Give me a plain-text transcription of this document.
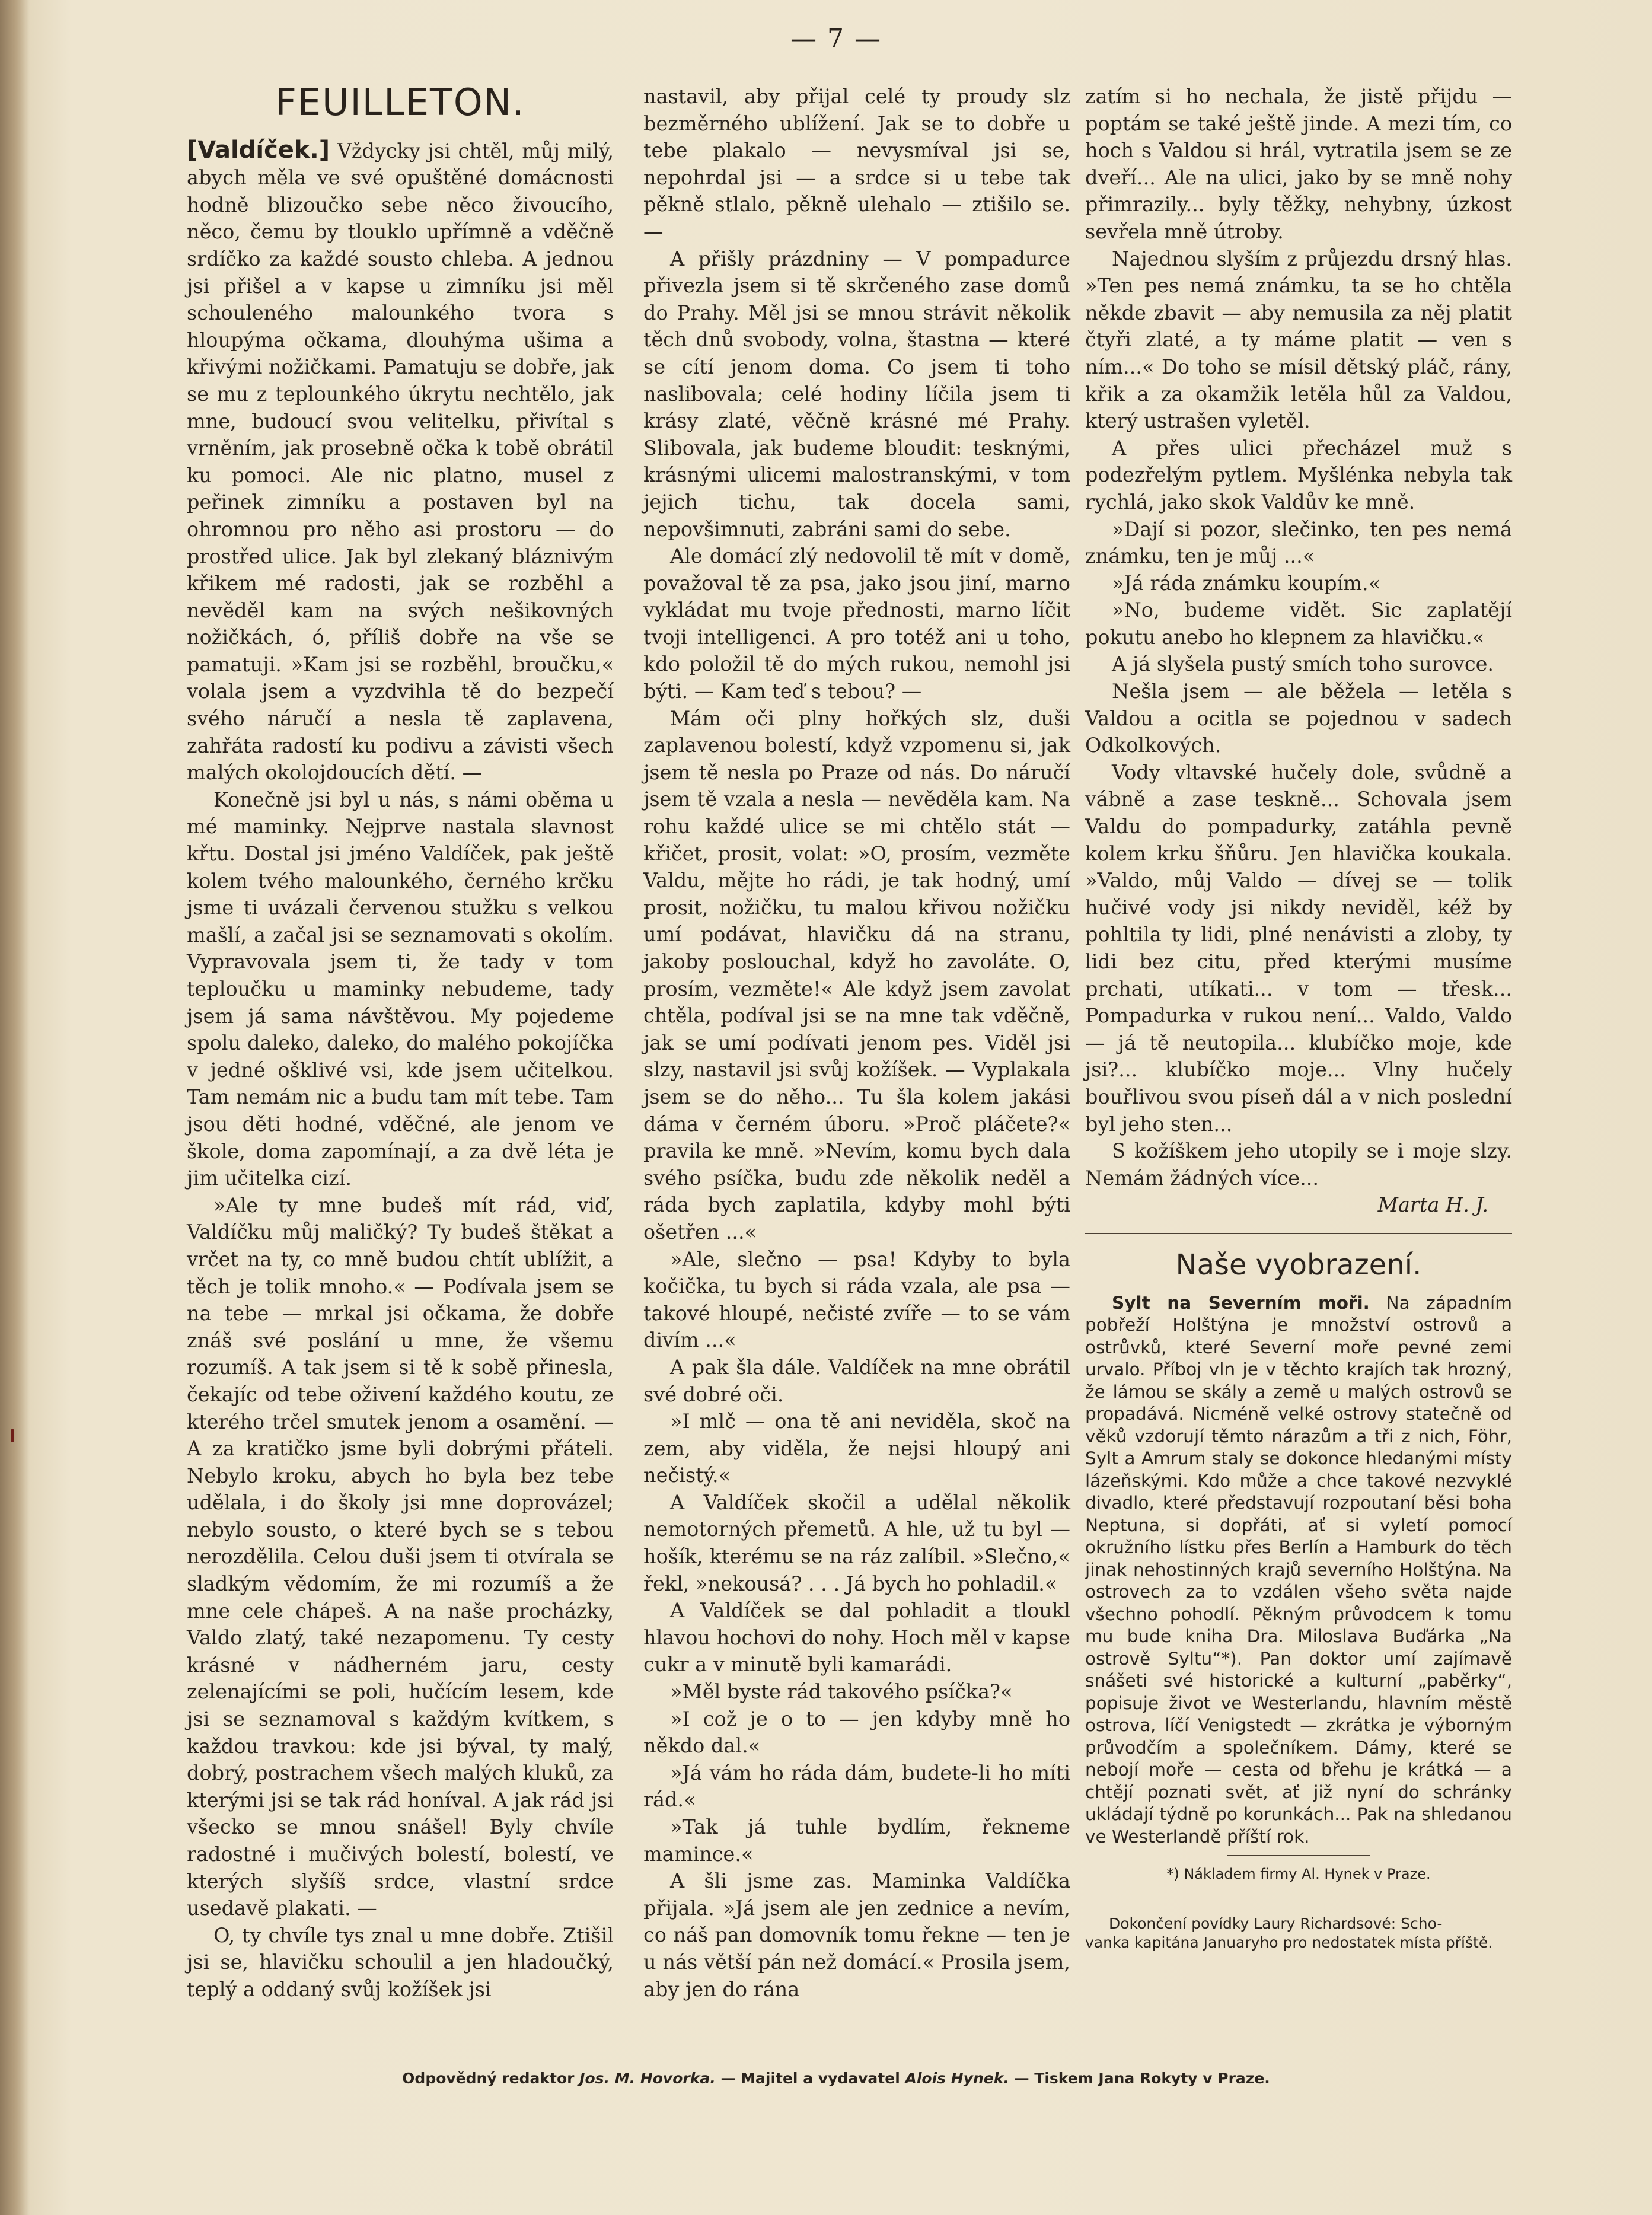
— 7 —
FEUILLETON.

[Valdíček.] Vždycky jsi chtěl, můj milý, abych měla ve své opuštěné domácnosti hodně blizoučko sebe něco živoucího, něco, čemu by tlouklo upřímně a vděčně srdíčko za každé sousto chleba. A jednou jsi přišel a v kapse u zimníku jsi měl schouleného malounkého tvora s hloupýma očkama, dlouhýma ušima a křivými nožičkami. Pamatuju se dobře, jak se mu z teplounkého úkrytu nechtělo, jak mne, budoucí svou velitelku, přivítal s vrněním, jak prosebně očka k tobě obrátil ku pomoci. Ale nic platno, musel z peřinek zimníku a postaven byl na ohromnou pro něho asi prostoru — do prostřed ulice. Jak byl zlekaný bláznivým křikem mé radosti, jak se rozběhl a nevěděl kam na svých nešikovných nožičkách, ó, příliš dobře na vše se pamatuji. »Kam jsi se rozběhl, broučku,« volala jsem a vyzdvihla tě do bezpečí svého náručí a nesla tě zaplavena, zahřáta radostí ku podivu a závisti všech malých okolojdoucích dětí. —

Konečně jsi byl u nás, s námi oběma u mé maminky. Nejprve nastala slavnost křtu. Dostal jsi jméno Valdíček, pak ještě kolem tvého malounkého, černého krčku jsme ti uvázali červenou stužku s velkou mašlí, a začal jsi se seznamovati s okolím. Vypravovala jsem ti, že tady v tom teploučku u maminky nebudeme, tady jsem já sama návštěvou. My pojedeme spolu daleko, daleko, do malého pokojíčka v jedné ošklivé vsi, kde jsem učitelkou. Tam nemám nic a budu tam mít tebe. Tam jsou děti hodné, vděčné, ale jenom ve škole, doma zapomínají, a za dvě léta je jim učitelka cizí.

»Ale ty mne budeš mít rád, viď, Valdíčku můj maličký? Ty budeš štěkat a vrčet na ty, co mně budou chtít ublížit, a těch je tolik mnoho.« — Podívala jsem se na tebe — mrkal jsi očkama, že dobře znáš své poslání u mne, že všemu rozumíš. A tak jsem si tě k sobě přinesla, čekajíc od tebe oživení každého koutu, ze kterého trčel smutek jenom a osamění. — A za kratičko jsme byli dobrými přáteli. Nebylo kroku, abych ho byla bez tebe udělala, i do školy jsi mne doprovázel; nebylo sousto, o které bych se s tebou nerozdělila. Celou duši jsem ti otvírala se sladkým vědomím, že mi rozumíš a že mne cele chápeš. A na naše procházky, Valdo zlatý, také nezapomenu. Ty cesty krásné v nádherném jaru, cesty zelenajícími se poli, hučícím lesem, kde jsi se seznamoval s každým kvítkem, s každou travkou: kde jsi býval, ty malý, dobrý, postrachem všech malých kluků, za kterými jsi se tak rád honíval. A jak rád jsi všecko se mnou snášel! Byly chvíle radostné i mučivých bolestí, bolestí, ve kterých slyšíš srdce, vlastní srdce usedavě plakati. —

O, ty chvíle tys znal u mne dobře. Ztišil jsi se, hlavičku schoulil a jen hladoučký, teplý a oddaný svůj kožíšek jsi

nastavil, aby přijal celé ty proudy slz bezměrného ublížení. Jak se to dobře u tebe plakalo — nevysmíval jsi se, nepohrdal jsi — a srdce si u tebe tak pěkně stlalo, pěkně ulehalo — ztišilo se. —

A přišly prázdniny — V pompadurce přivezla jsem si tě skrčeného zase domů do Prahy. Měl jsi se mnou strávit několik těch dnů svobody, volna, štastna — které se cítí jenom doma. Co jsem ti toho naslibovala; celé hodiny líčila jsem ti krásy zlaté, věčně krásné mé Prahy. Slibovala, jak budeme bloudit: tesknými, krásnými ulicemi malostranskými, v tom jejich tichu, tak docela sami, nepovšimnuti, zabráni sami do sebe.

Ale domácí zlý nedovolil tě mít v domě, považoval tě za psa, jako jsou jiní, marno vykládat mu tvoje přednosti, marno líčit tvoji intelligenci. A pro totéž ani u toho, kdo položil tě do mých rukou, nemohl jsi býti. — Kam teď s tebou? —

Mám oči plny hořkých slz, duši zaplavenou bolestí, když vzpomenu si, jak jsem tě nesla po Praze od nás. Do náručí jsem tě vzala a nesla — nevěděla kam. Na rohu každé ulice se mi chtělo stát — křičet, prosit, volat: »O, prosím, vezměte Valdu, mějte ho rádi, je tak hodný, umí prosit, nožičku, tu malou křivou nožičku umí podávat, hlavičku dá na stranu, jakoby poslouchal, když ho zavoláte. O, prosím, vezměte!« Ale když jsem zavolat chtěla, podíval jsi se na mne tak vděčně, jak se umí podívati jenom pes. Viděl jsi slzy, nastavil jsi svůj kožíšek. — Vyplakala jsem se do něho... Tu šla kolem jakási dáma v černém úboru. »Proč pláčete?« pravila ke mně. »Nevím, komu bych dala svého psíčka, budu zde několik neděl a ráda bych zaplatila, kdyby mohl býti ošetřen ...«

»Ale, slečno — psa! Kdyby to byla kočička, tu bych si ráda vzala, ale psa — takové hloupé, nečisté zvíře — to se vám divím ...«

A pak šla dále. Valdíček na mne obrátil své dobré oči.

»I mlč — ona tě ani neviděla, skoč na zem, aby viděla, že nejsi hloupý ani nečistý.«

A Valdíček skočil a udělal několik nemotorných přemetů. A hle, už tu byl — hošík, kterému se na ráz zalíbil. »Slečno,« řekl, »nekousá? . . . Já bych ho pohladil.«

A Valdíček se dal pohladit a tloukl hlavou hochovi do nohy. Hoch měl v kapse cukr a v minutě byli kamarádi.

»Měl byste rád takového psíčka?«

»I což je o to — jen kdyby mně ho někdo dal.«

»Já vám ho ráda dám, budete-li ho míti rád.«

»Tak já tuhle bydlím, řekneme mamince.«

A šli jsme zas. Maminka Valdíčka přijala. »Já jsem ale jen zednice a nevím, co náš pan domovník tomu řekne — ten je u nás větší pán než domácí.« Prosila jsem, aby jen do rána

zatím si ho nechala, že jistě přijdu — poptám se také ještě jinde. A mezi tím, co hoch s Valdou si hrál, vytratila jsem se ze dveří... Ale na ulici, jako by se mně nohy přimrazily... byly těžky, nehybny, úzkost sevřela mně útroby.

Najednou slyším z průjezdu drsný hlas. »Ten pes nemá známku, ta se ho chtěla někde zbavit — aby nemusila za něj platit čtyři zlaté, a ty máme platit — ven s ním...« Do toho se mísil dětský pláč, rány, křik a za okamžik letěla hůl za Valdou, který ustrašen vyletěl.

A přes ulici přecházel muž s podezřelým pytlem. Myšlénka nebyla tak rychlá, jako skok Valdův ke mně.

»Dají si pozor, slečinko, ten pes nemá známku, ten je můj ...«

»Já ráda známku koupím.«

»No, budeme vidět. Sic zaplatějí pokutu anebo ho klepnem za hlavičku.«

A já slyšela pustý smích toho surovce.

Nešla jsem — ale běžela — letěla s Valdou a ocitla se pojednou v sadech Odkolkových.

Vody vltavské hučely dole, svůdně a vábně a zase teskně... Schovala jsem Valdu do pompadurky, zatáhla pevně kolem krku šňůru. Jen hlavička koukala. »Valdo, můj Valdo — dívej se — tolik hučivé vody jsi nikdy neviděl, kéž by pohltila ty lidi, plné nenávisti a zloby, ty lidi bez citu, před kterými musíme prchati, utíkati... v tom — třesk... Pompadurka v rukou není... Valdo, Valdo — já tě neutopila... klubíčko moje, kde jsi?... klubíčko moje... Vlny hučely bouřlivou svou píseň dál a v nich poslední byl jeho sten...

S kožíškem jeho utopily se i moje slzy. Nemám žádných více...

Marta H. J.

Naše vyobrazení.

Sylt na Severním moři. Na západním pobřeží Holštýna je množství ostrovů a ostrůvků, které Severní moře pevné zemi urvalo. Příboj vln je v těchto krajích tak hrozný, že lámou se skály a země u malých ostrovů se propadává. Nicméně velké ostrovy statečně od věků vzdorují těmto nárazům a tři z nich, Föhr, Sylt a Amrum staly se dokonce hledanými místy lázeňskými. Kdo může a chce takové nezvyklé divadlo, které představují rozpoutaní běsi boha Neptuna, si dopřáti, ať si vyletí pomocí okružního lístku přes Berlín a Hamburk do těch jinak nehostinných krajů severního Holštýna. Na ostrovech za to vzdálen všeho světa najde všechno pohodlí. Pěkným průvodcem k tomu mu bude kniha Dra. Miloslava Buďárka „Na ostrově Syltu“*). Pan doktor umí zajímavě snášeti své historické a kulturní „paběrky“, popisuje život ve Westerlandu, hlavním městě ostrova, líčí Venigstedt — zkrátka je výborným průvodčím a společníkem. Dámy, které se nebojí moře — cesta od břehu je krátká — a chtějí poznati svět, ať již nyní do schránky ukládají týdně po korunkách... Pak na shledanou ve Westerlandě příští rok.

*) Nákladem firmy Al. Hynek v Praze.

Dokončení povídky Laury Richardsové: Scho-
vanka kapitána Januaryho pro nedostatek místa příště.

Odpovědný redaktor Jos. M. Hovorka. — Majitel a vydavatel Alois Hynek. — Tiskem Jana Rokyty v Praze.
